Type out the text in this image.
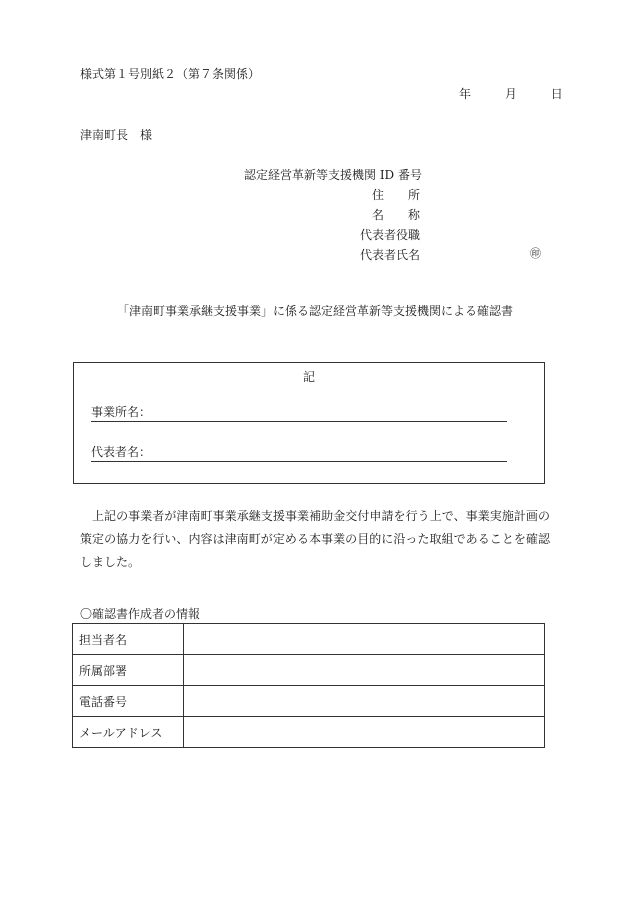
様式第１号別紙２（第７条関係）
年	月	日
津南町長　様
認定経営革新等支援機関 ID 番号
住　　所
名　　称
代表者役職
代表者氏名	㊞
「津南町事業承継支援事業」に係る認定経営革新等支援機関による確認書
記
事業所名：
代表者名：
上記の事業者が津南町事業承継支援事業補助金交付申請を行う上で、事業実施計画の策定の協力を行い、内容は津南町が定める本事業の目的に沿った取組であることを確認しました。
〇確認書作成者の情報
担当者名	
所属部署	
電話番号	
メールアドレス	
